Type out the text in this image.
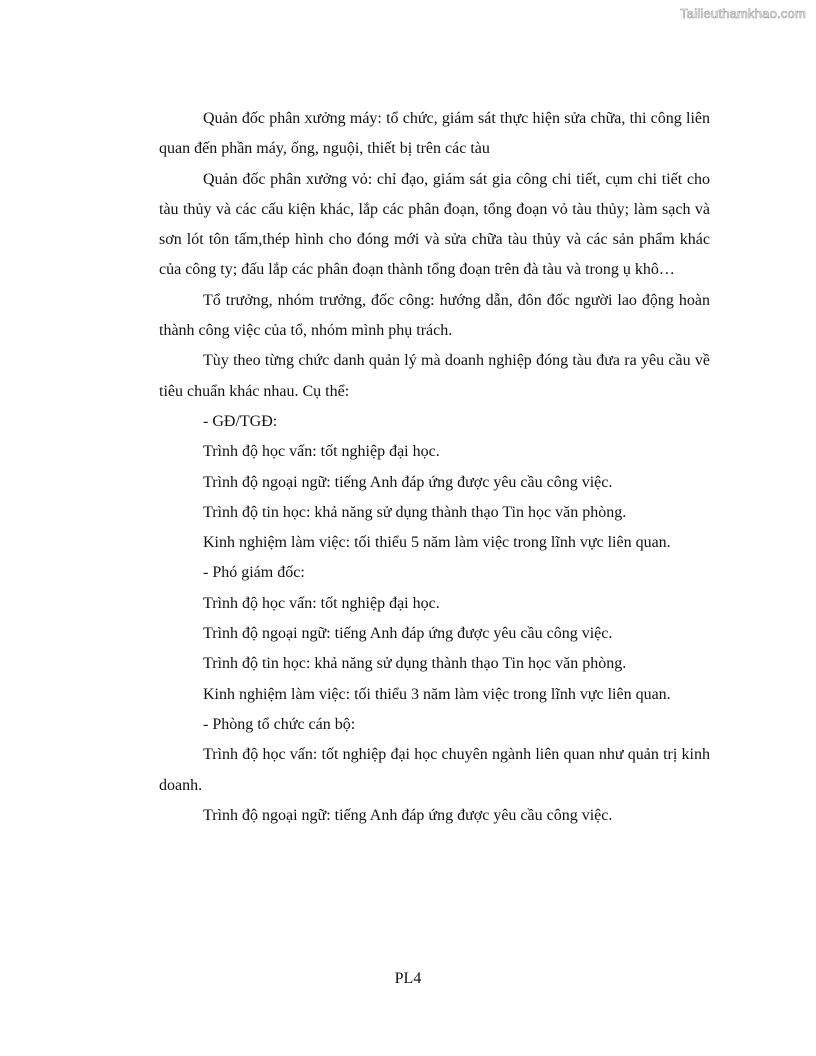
Tailieuthamkhao.com

Quản đốc phân xưởng máy: tổ chức, giám sát thực hiện sửa chữa, thi công liên quan đến phần máy, ống, nguội, thiết bị trên các tàu

Quản đốc phân xưởng vỏ: chỉ đạo, giám sát gia công chi tiết, cụm chi tiết cho tàu thủy và các cấu kiện khác, lắp các phân đoạn, tổng đoạn vỏ tàu thủy; làm sạch và sơn lót tôn tấm,thép hình cho đóng mới và sửa chữa tàu thủy và các sản phẩm khác của công ty; đấu lắp các phân đoạn thành tổng đoạn trên đà tàu và trong ụ khô…

Tổ trưởng, nhóm trưởng, đốc công: hướng dẫn, đôn đốc người lao động hoàn thành công việc của tổ, nhóm mình phụ trách.

Tùy theo từng chức danh quản lý mà doanh nghiệp đóng tàu đưa ra yêu cầu về tiêu chuẩn khác nhau. Cụ thể:

- GĐ/TGĐ:

Trình độ học vấn: tốt nghiệp đại học.

Trình độ ngoại ngữ: tiếng Anh đáp ứng được yêu cầu công việc.

Trình độ tin học: khả năng sử dụng thành thạo Tin học văn phòng.

Kinh nghiệm làm việc: tối thiểu 5 năm làm việc trong lĩnh vực liên quan.

- Phó giám đốc:

Trình độ học vấn: tốt nghiệp đại học.

Trình độ ngoại ngữ: tiếng Anh đáp ứng được yêu cầu công việc.

Trình độ tin học: khả năng sử dụng thành thạo Tin học văn phòng.

Kinh nghiệm làm việc: tối thiểu 3 năm làm việc trong lĩnh vực liên quan.

- Phòng tổ chức cán bộ:

Trình độ học vấn: tốt nghiệp đại học chuyên ngành liên quan như quản trị kinh doanh.

Trình độ ngoại ngữ: tiếng Anh đáp ứng được yêu cầu công việc.

PL4
